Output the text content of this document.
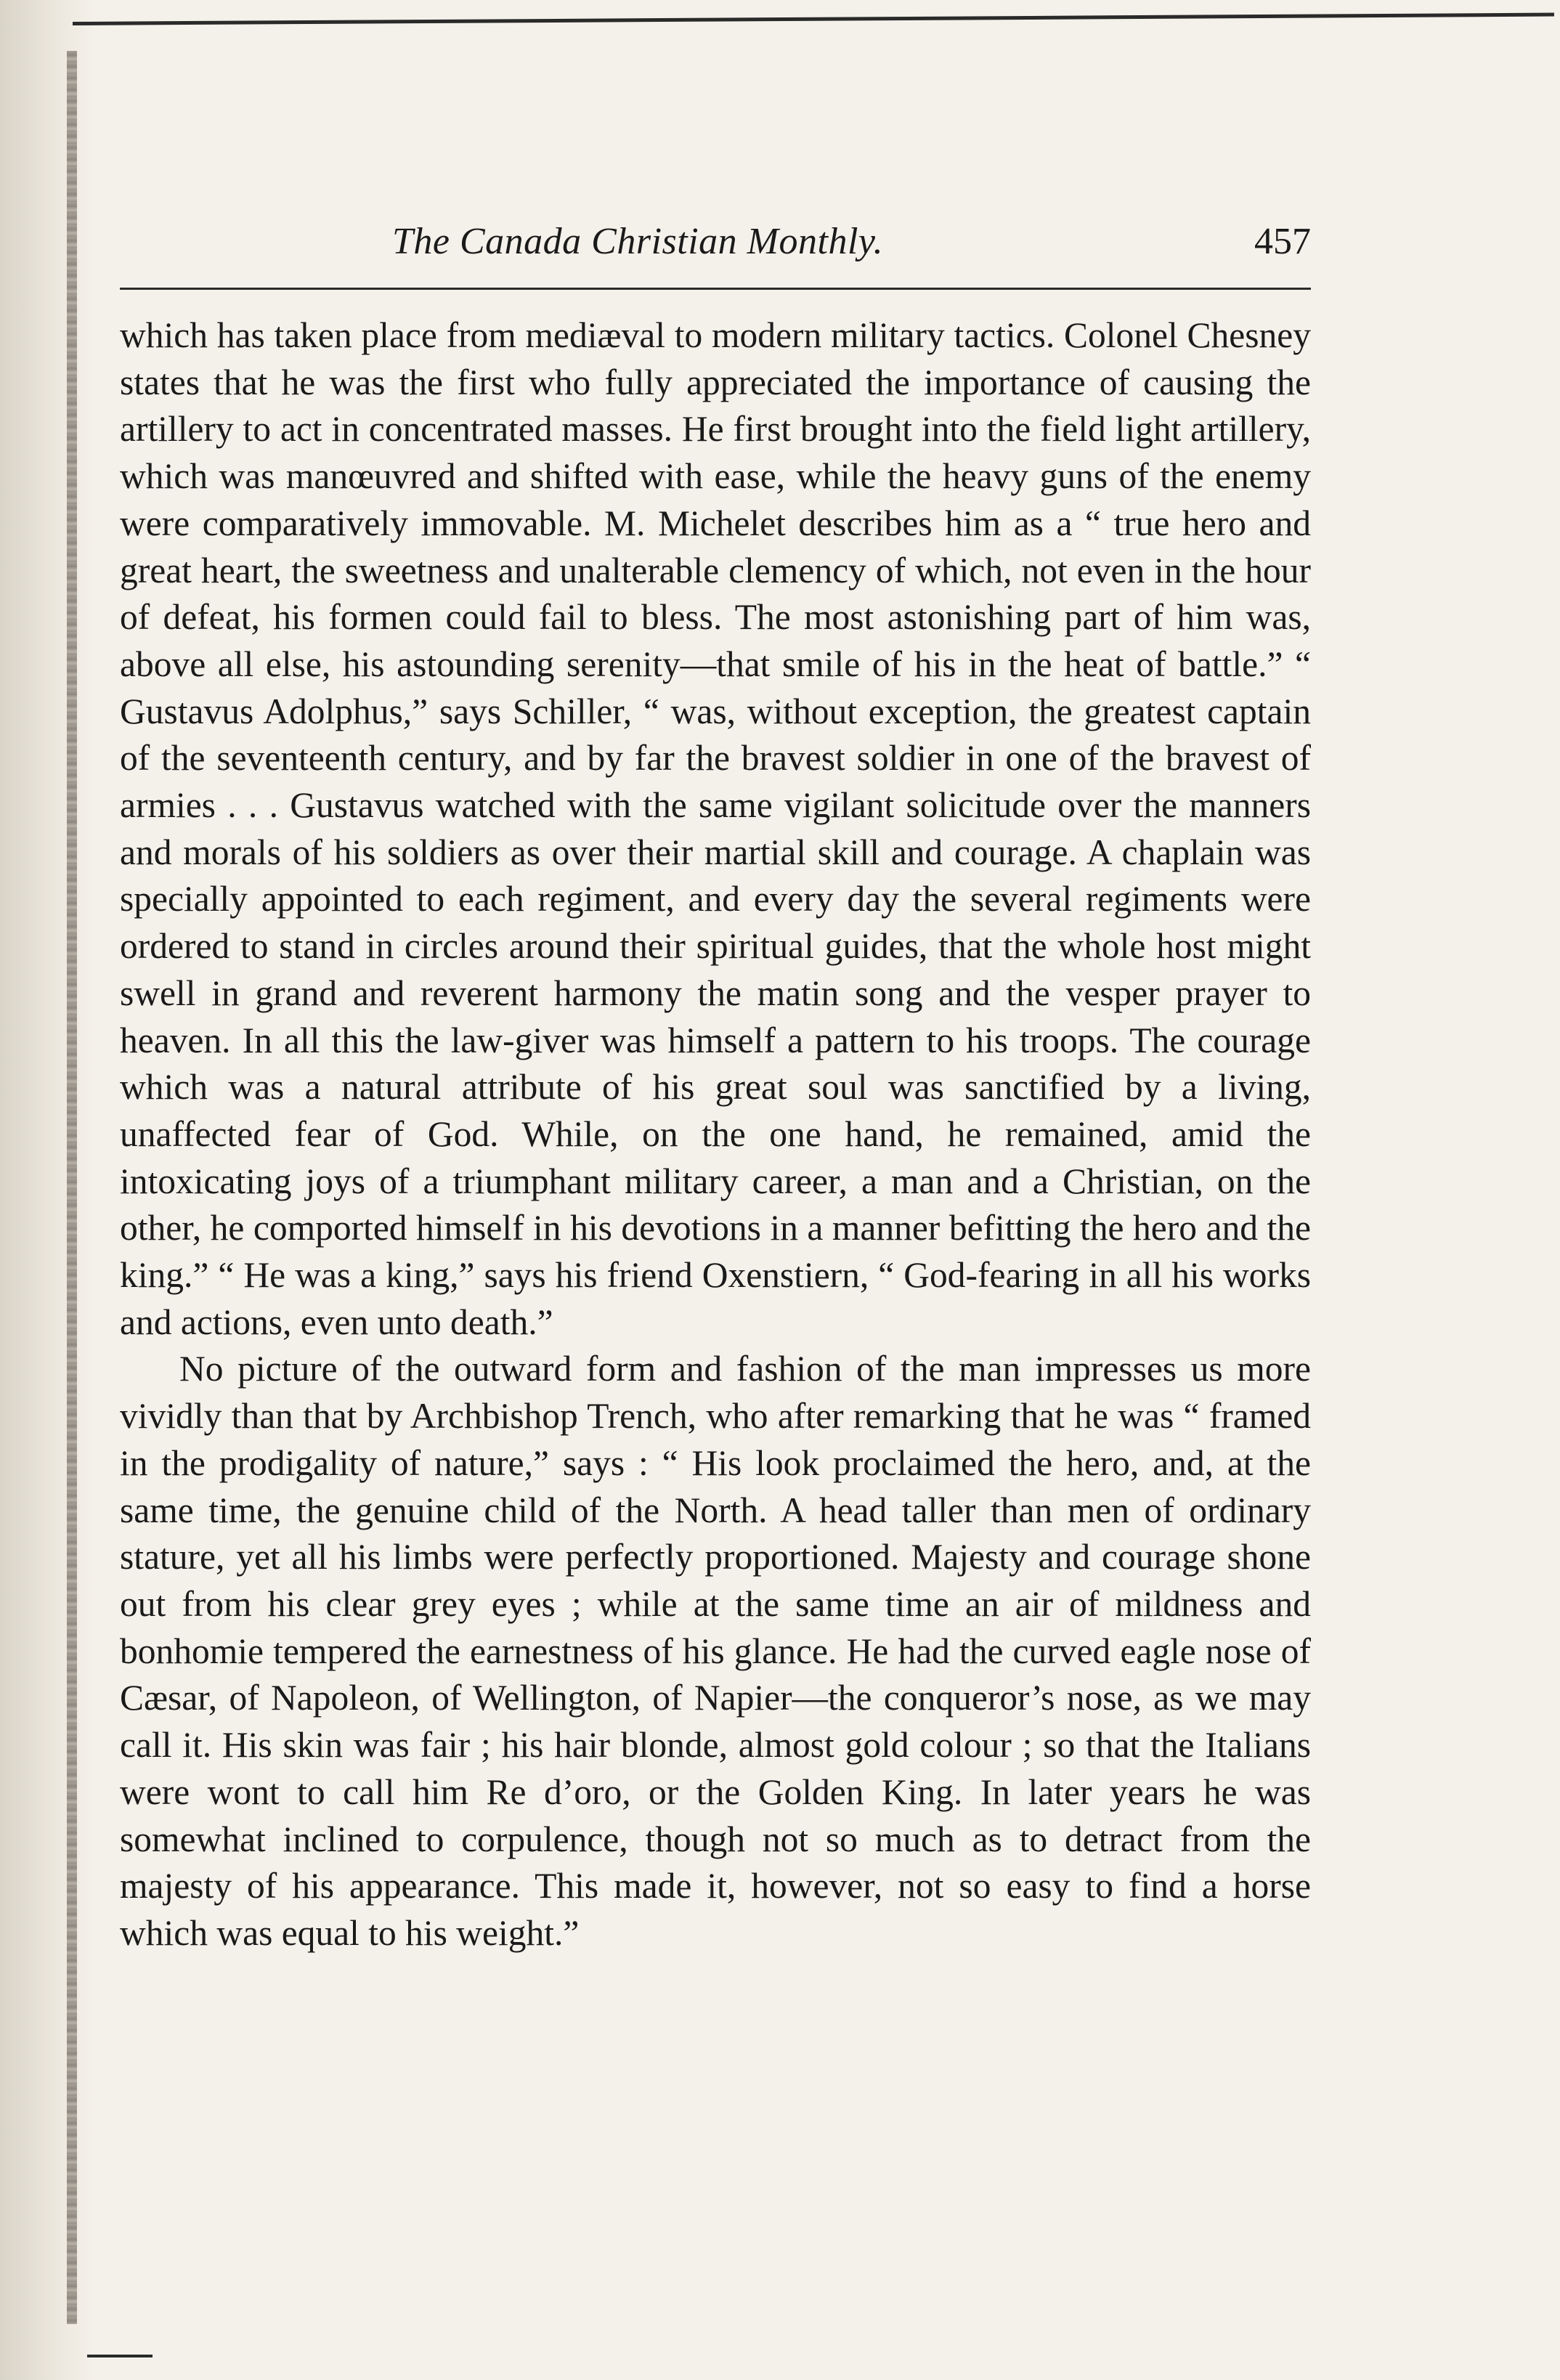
The Canada Christian Monthly.	457

which has taken place from mediæval to modern military tactics. Colonel Chesney states that he was the first who fully appreciated the importance of causing the artillery to act in concentrated masses. He first brought into the field light artillery, which was manœuvred and shifted with ease, while the heavy guns of the enemy were comparatively immovable. M. Michelet describes him as a “ true hero and great heart, the sweetness and unalterable clemency of which, not even in the hour of defeat, his formen could fail to bless. The most astonishing part of him was, above all else, his astounding serenity—that smile of his in the heat of battle.” “ Gustavus Adolphus,” says Schiller, “ was, without exception, the greatest captain of the seventeenth century, and by far the bravest soldier in one of the bravest of armies . . . Gustavus watched with the same vigilant solicitude over the manners and morals of his soldiers as over their martial skill and courage. A chaplain was specially appointed to each regiment, and every day the several regiments were ordered to stand in circles around their spiritual guides, that the whole host might swell in grand and reverent harmony the matin song and the vesper prayer to heaven. In all this the law-giver was himself a pattern to his troops. The courage which was a natural attribute of his great soul was sanctified by a living, unaffected fear of God. While, on the one hand, he remained, amid the intoxicating joys of a triumphant military career, a man and a Christian, on the other, he comported himself in his devotions in a manner befitting the hero and the king.” “ He was a king,” says his friend Oxenstiern, “ God-fearing in all his works and actions, even unto death.”

No picture of the outward form and fashion of the man impresses us more vividly than that by Archbishop Trench, who after remarking that he was “ framed in the prodigality of nature,” says : “ His look proclaimed the hero, and, at the same time, the genuine child of the North. A head taller than men of ordinary stature, yet all his limbs were perfectly proportioned. Majesty and courage shone out from his clear grey eyes ; while at the same time an air of mildness and bonhomie tempered the earnestness of his glance. He had the curved eagle nose of Cæsar, of Napoleon, of Wellington, of Napier—the conqueror’s nose, as we may call it. His skin was fair ; his hair blonde, almost gold colour ; so that the Italians were wont to call him Re d’oro, or the Golden King. In later years he was somewhat inclined to corpulence, though not so much as to detract from the majesty of his appearance. This made it, however, not so easy to find a horse which was equal to his weight.”
